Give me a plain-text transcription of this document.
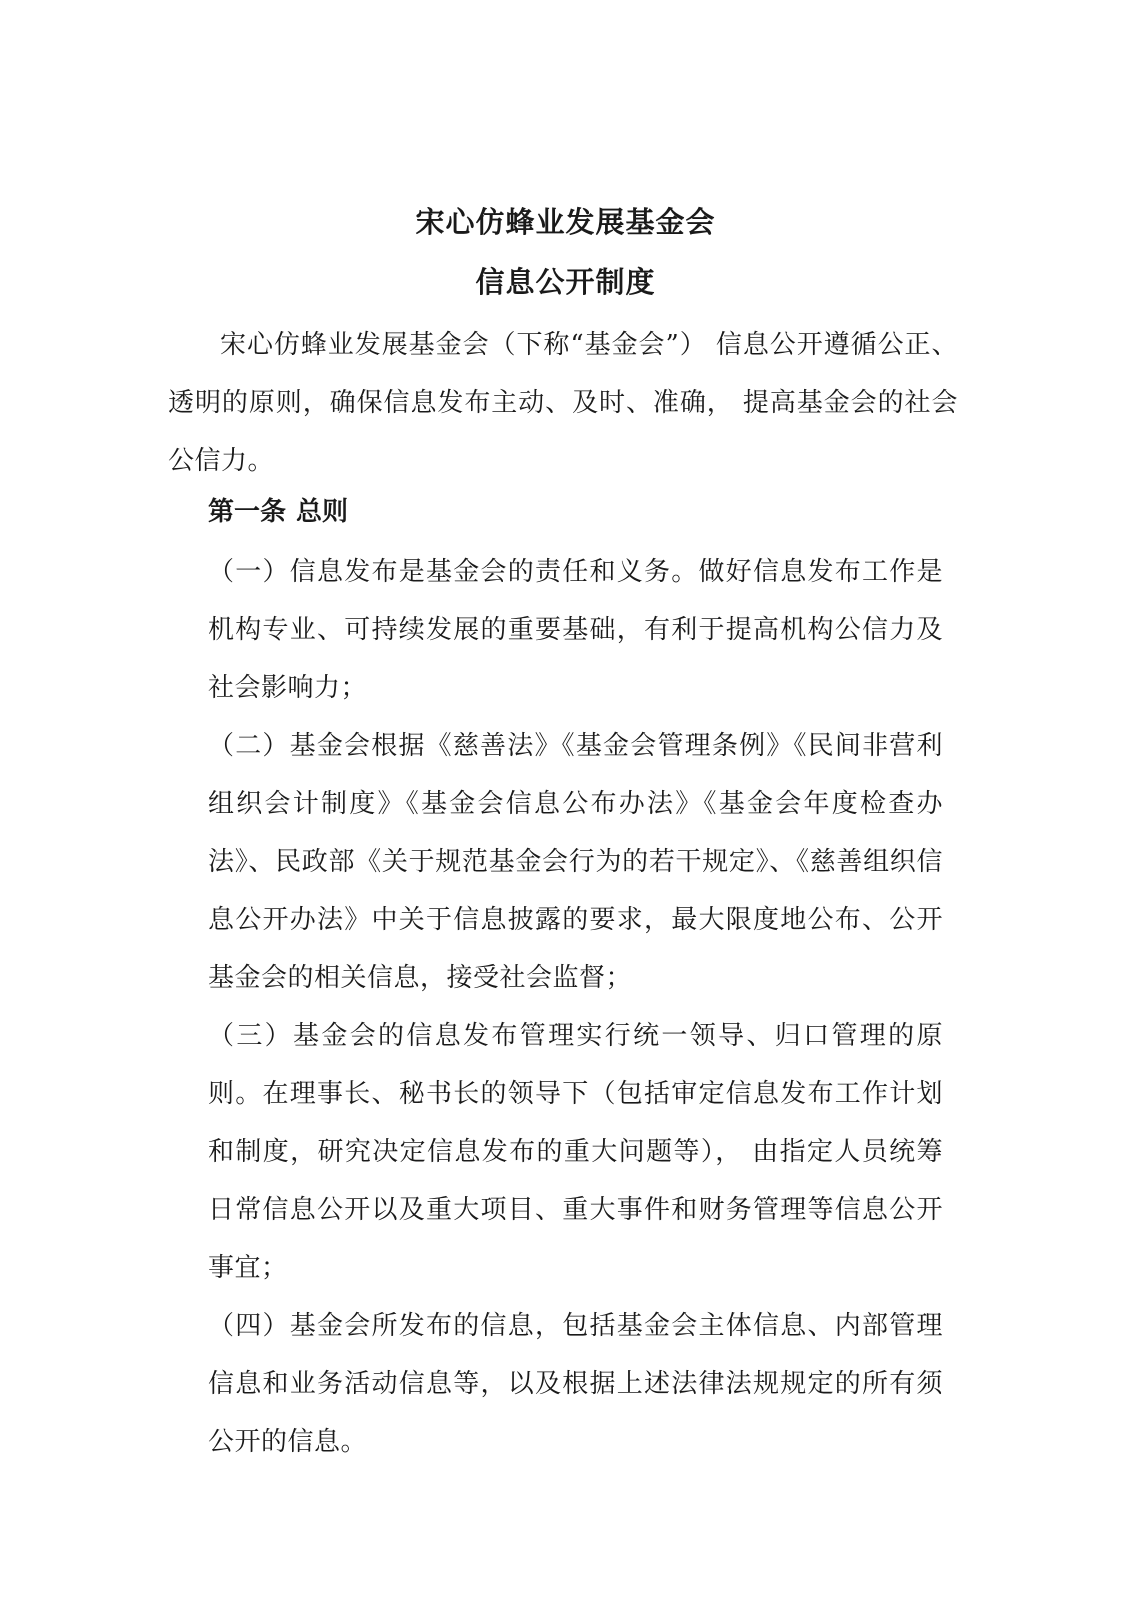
宋心仿蜂业发展基金会
信息公开制度

宋心仿蜂业发展基金会（下称“基金会”） 信息公开遵循公正、透明的原则，确保信息发布主动、及时、准确， 提高基金会的社会公信力。

第一条 总则

（一）信息发布是基金会的责任和义务。做好信息发布工作是机构专业、可持续发展的重要基础，有利于提高机构公信力及社会影响力；

（二）基金会根据《慈善法》《基金会管理条例》《民间非营利组织会计制度》《基金会信息公布办法》《基金会年度检查办法》、民政部《关于规范基金会行为的若干规定》、《慈善组织信息公开办法》中关于信息披露的要求，最大限度地公布、公开基金会的相关信息，接受社会监督；

（三）基金会的信息发布管理实行统一领导、归口管理的原则。在理事长、秘书长的领导下（包括审定信息发布工作计划和制度，研究决定信息发布的重大问题等）， 由指定人员统筹日常信息公开以及重大项目、重大事件和财务管理等信息公开事宜；

（四）基金会所发布的信息，包括基金会主体信息、内部管理信息和业务活动信息等，以及根据上述法律法规规定的所有须公开的信息。
